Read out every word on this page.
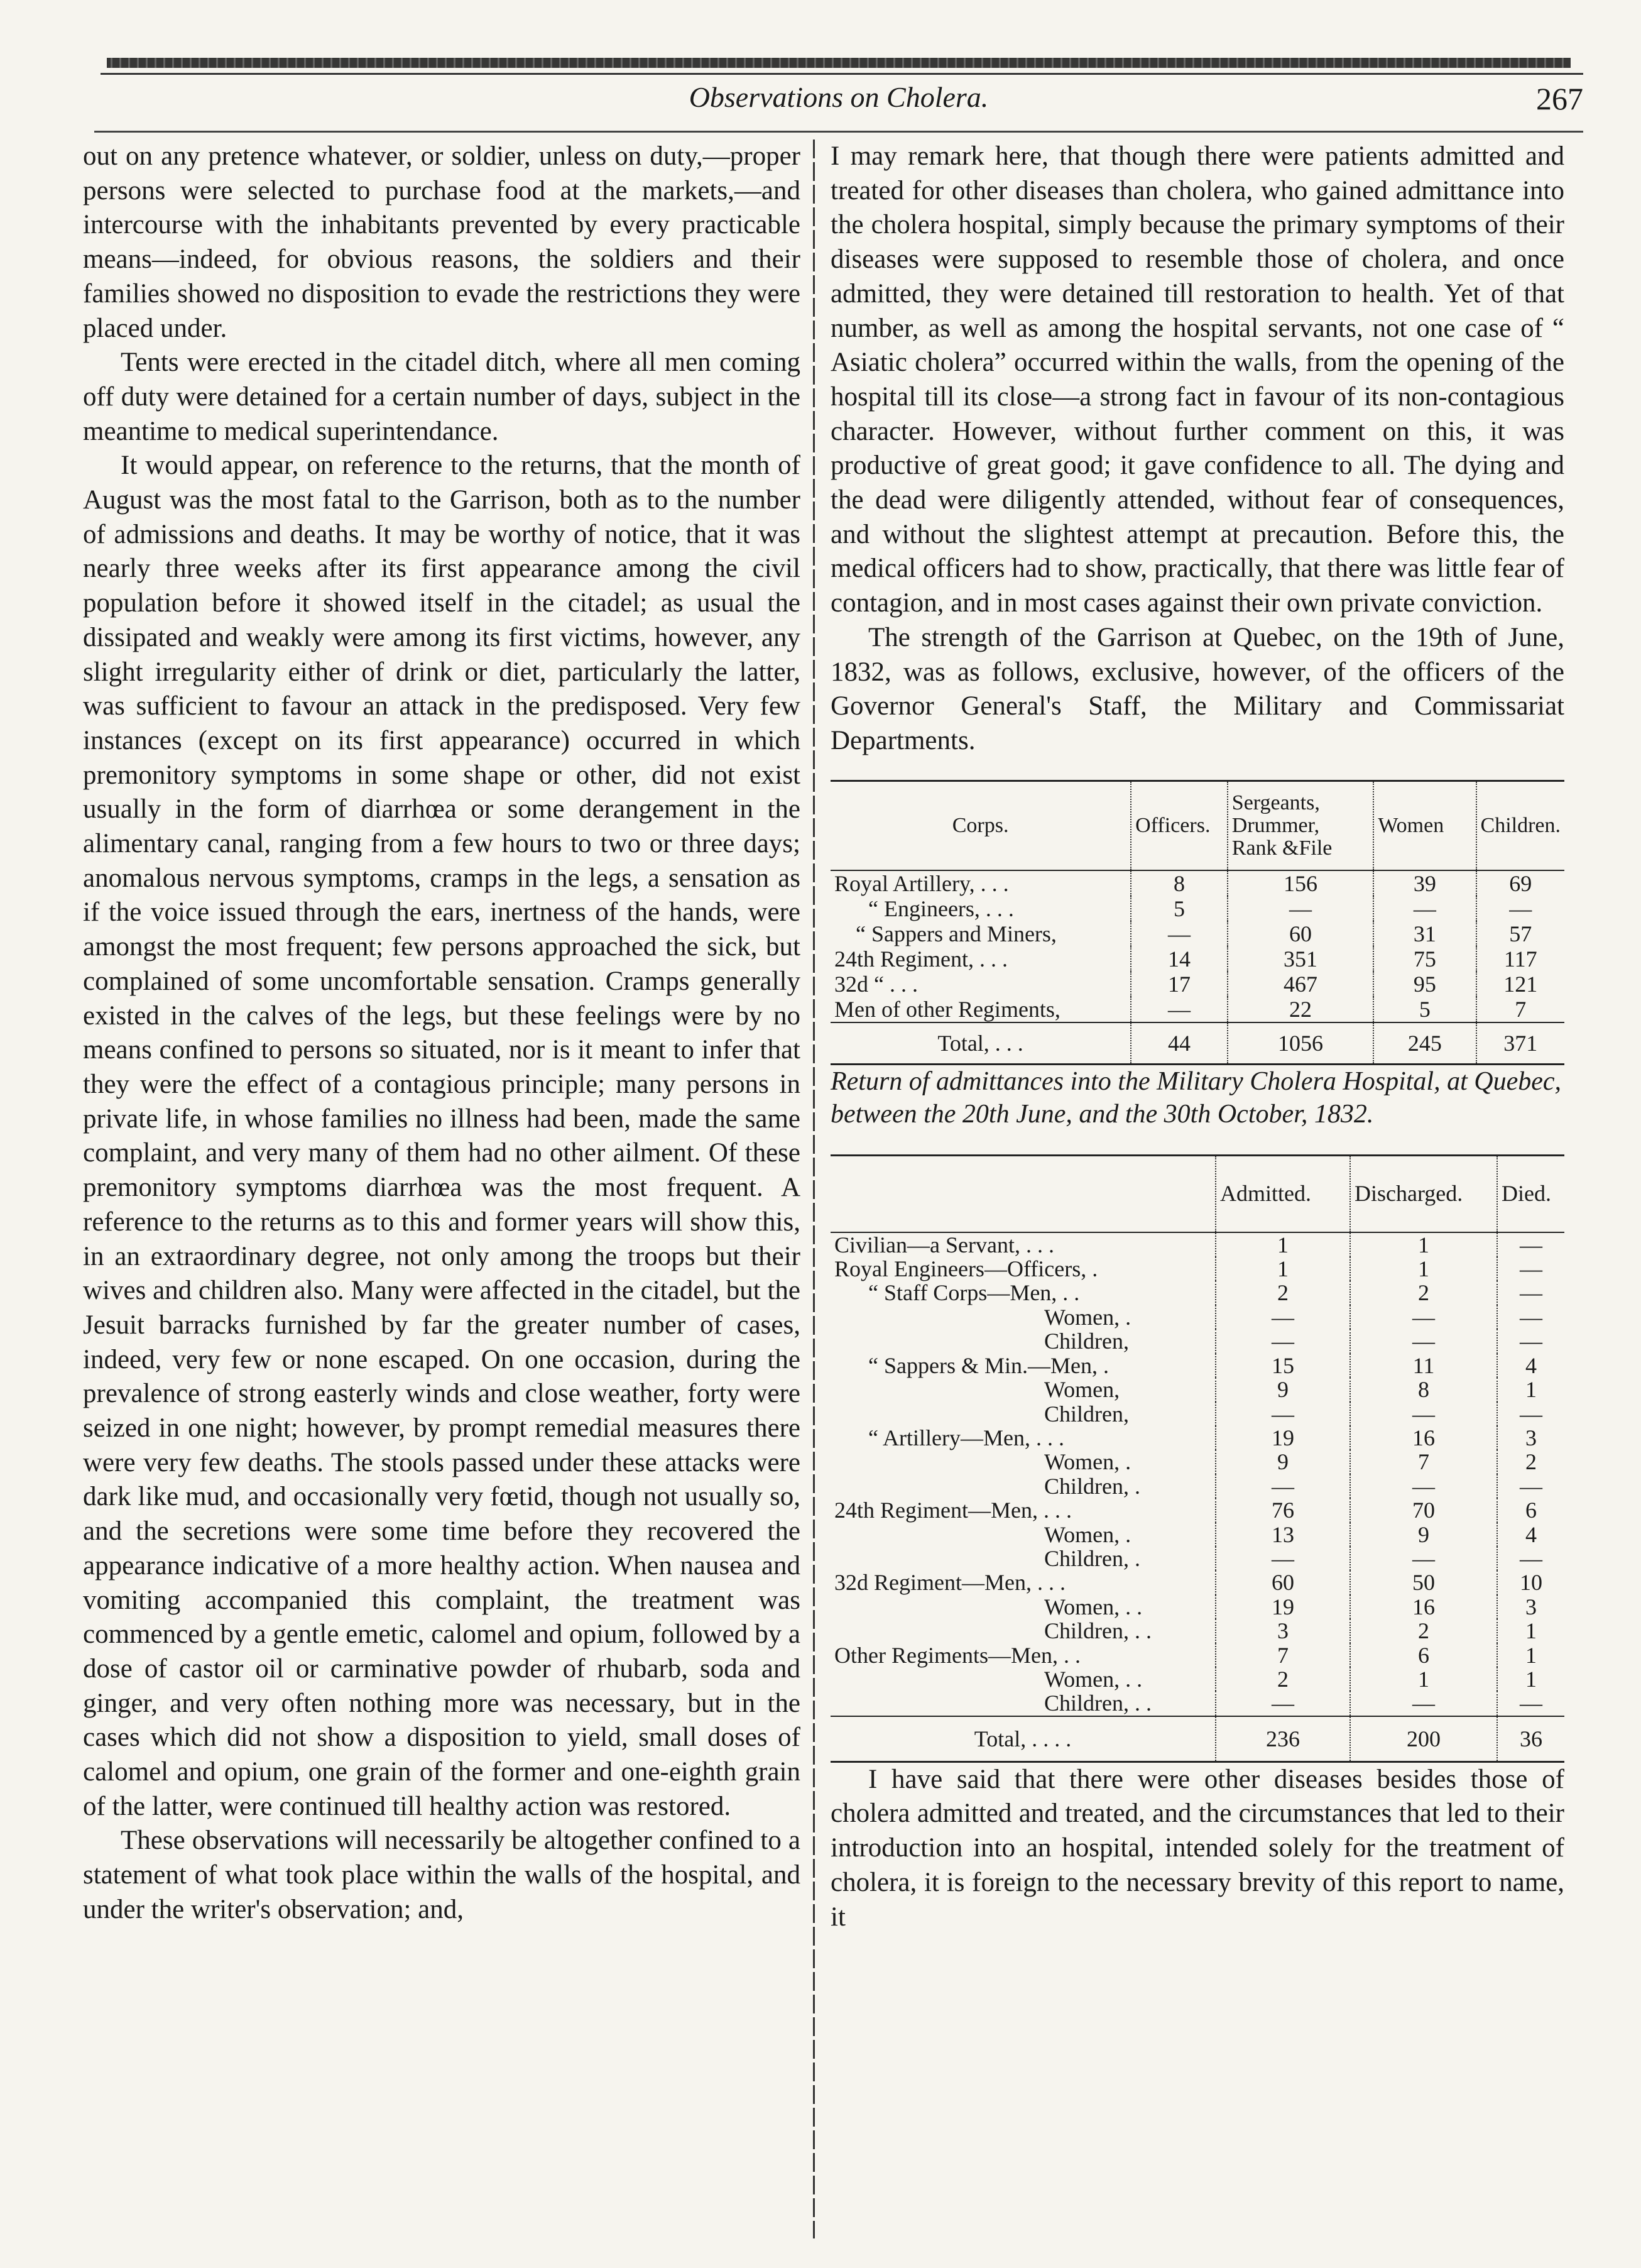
Observations on Cholera.	267

out on any pretence whatever, or soldier, unless on duty,—proper persons were selected to purchase food at the markets,—and intercourse with the inhabitants prevented by every practicable means—indeed, for obvious reasons, the soldiers and their families showed no disposition to evade the restrictions they were placed under.

Tents were erected in the citadel ditch, where all men coming off duty were detained for a certain number of days, subject in the meantime to medical superintendance.

It would appear, on reference to the returns, that the month of August was the most fatal to the Garrison, both as to the number of admissions and deaths. It may be worthy of notice, that it was nearly three weeks after its first appearance among the civil population before it showed itself in the citadel; as usual the dissipated and weakly were among its first victims, however, any slight irregularity either of drink or diet, particularly the latter, was sufficient to favour an attack in the predisposed. Very few instances (except on its first appearance) occurred in which premonitory symptoms in some shape or other, did not exist usually in the form of diarrhœa or some derangement in the alimentary canal, ranging from a few hours to two or three days; anomalous nervous symptoms, cramps in the legs, a sensation as if the voice issued through the ears, inertness of the hands, were amongst the most frequent; few persons approached the sick, but complained of some uncomfortable sensation. Cramps generally existed in the calves of the legs, but these feelings were by no means confined to persons so situated, nor is it meant to infer that they were the effect of a contagious principle; many persons in private life, in whose families no illness had been, made the same complaint, and very many of them had no other ailment. Of these premonitory symptoms diarrhœa was the most frequent. A reference to the returns as to this and former years will show this, in an extraordinary degree, not only among the troops but their wives and children also. Many were affected in the citadel, but the Jesuit barracks furnished by far the greater number of cases, indeed, very few or none escaped. On one occasion, during the prevalence of strong easterly winds and close weather, forty were seized in one night; however, by prompt remedial measures there were very few deaths. The stools passed under these attacks were dark like mud, and occasionally very fœtid, though not usually so, and the secretions were some time before they recovered the appearance indicative of a more healthy action. When nausea and vomiting accompanied this complaint, the treatment was commenced by a gentle emetic, calomel and opium, followed by a dose of castor oil or carminative powder of rhubarb, soda and ginger, and very often nothing more was necessary, but in the cases which did not show a disposition to yield, small doses of calomel and opium, one grain of the former and one-eighth grain of the latter, were continued till healthy action was restored.

These observations will necessarily be altogether confined to a statement of what took place within the walls of the hospital, and under the writer's observation; and,

I may remark here, that though there were patients admitted and treated for other diseases than cholera, who gained admittance into the cholera hospital, simply because the primary symptoms of their diseases were supposed to resemble those of cholera, and once admitted, they were detained till restoration to health. Yet of that number, as well as among the hospital servants, not one case of “ Asiatic cholera” occurred within the walls, from the opening of the hospital till its close—a strong fact in favour of its non-contagious character. However, without further comment on this, it was productive of great good; it gave confidence to all. The dying and the dead were diligently attended, without fear of consequences, and without the slightest attempt at precaution. Before this, the medical officers had to show, practically, that there was little fear of contagion, and in most cases against their own private conviction.

The strength of the Garrison at Quebec, on the 19th of June, 1832, was as follows, exclusive, however, of the officers of the Governor General's Staff, the Military and Commissariat Departments.

Corps.	Officers.	Sergeants, Drummer, Rank &File	Women	Children.
Royal Artillery, . . .	8	156	39	69
“ Engineers, . . .	5	—	—	—
“ Sappers and Miners,	—	60	31	57
24th Regiment, . . .	14	351	75	117
32d “ . . .	17	467	95	121
Men of other Regiments,	—	22	5	7
Total, . . .	44	1056	245	371

Return of admittances into the Military Cholera Hospital, at Quebec, between the 20th June, and the 30th October, 1832.

	Admitted.	Discharged.	Died.
Civilian—a Servant, . . .	1	1	—
Royal Engineers—Officers, .	1	1	—
“ Staff Corps—Men, . .	2	2	—
Women, .	—	—	—
Children,	—	—	—
“ Sappers & Min.—Men, .	15	11	4
Women,	9	8	1
Children,	—	—	—
“ Artillery—Men, . . .	19	16	3
Women, .	9	7	2
Children, .	—	—	—
24th Regiment—Men, . . .	76	70	6
Women, .	13	9	4
Children, .	—	—	—
32d Regiment—Men, . . .	60	50	10
Women, . .	19	16	3
Children, . .	3	2	1
Other Regiments—Men, . .	7	6	1
Women, . .	2	1	1
Children, . .	—	—	—
Total, . . . .	236	200	36

I have said that there were other diseases besides those of cholera admitted and treated, and the circumstances that led to their introduction into an hospital, intended solely for the treatment of cholera, it is foreign to the necessary brevity of this report to name, it
